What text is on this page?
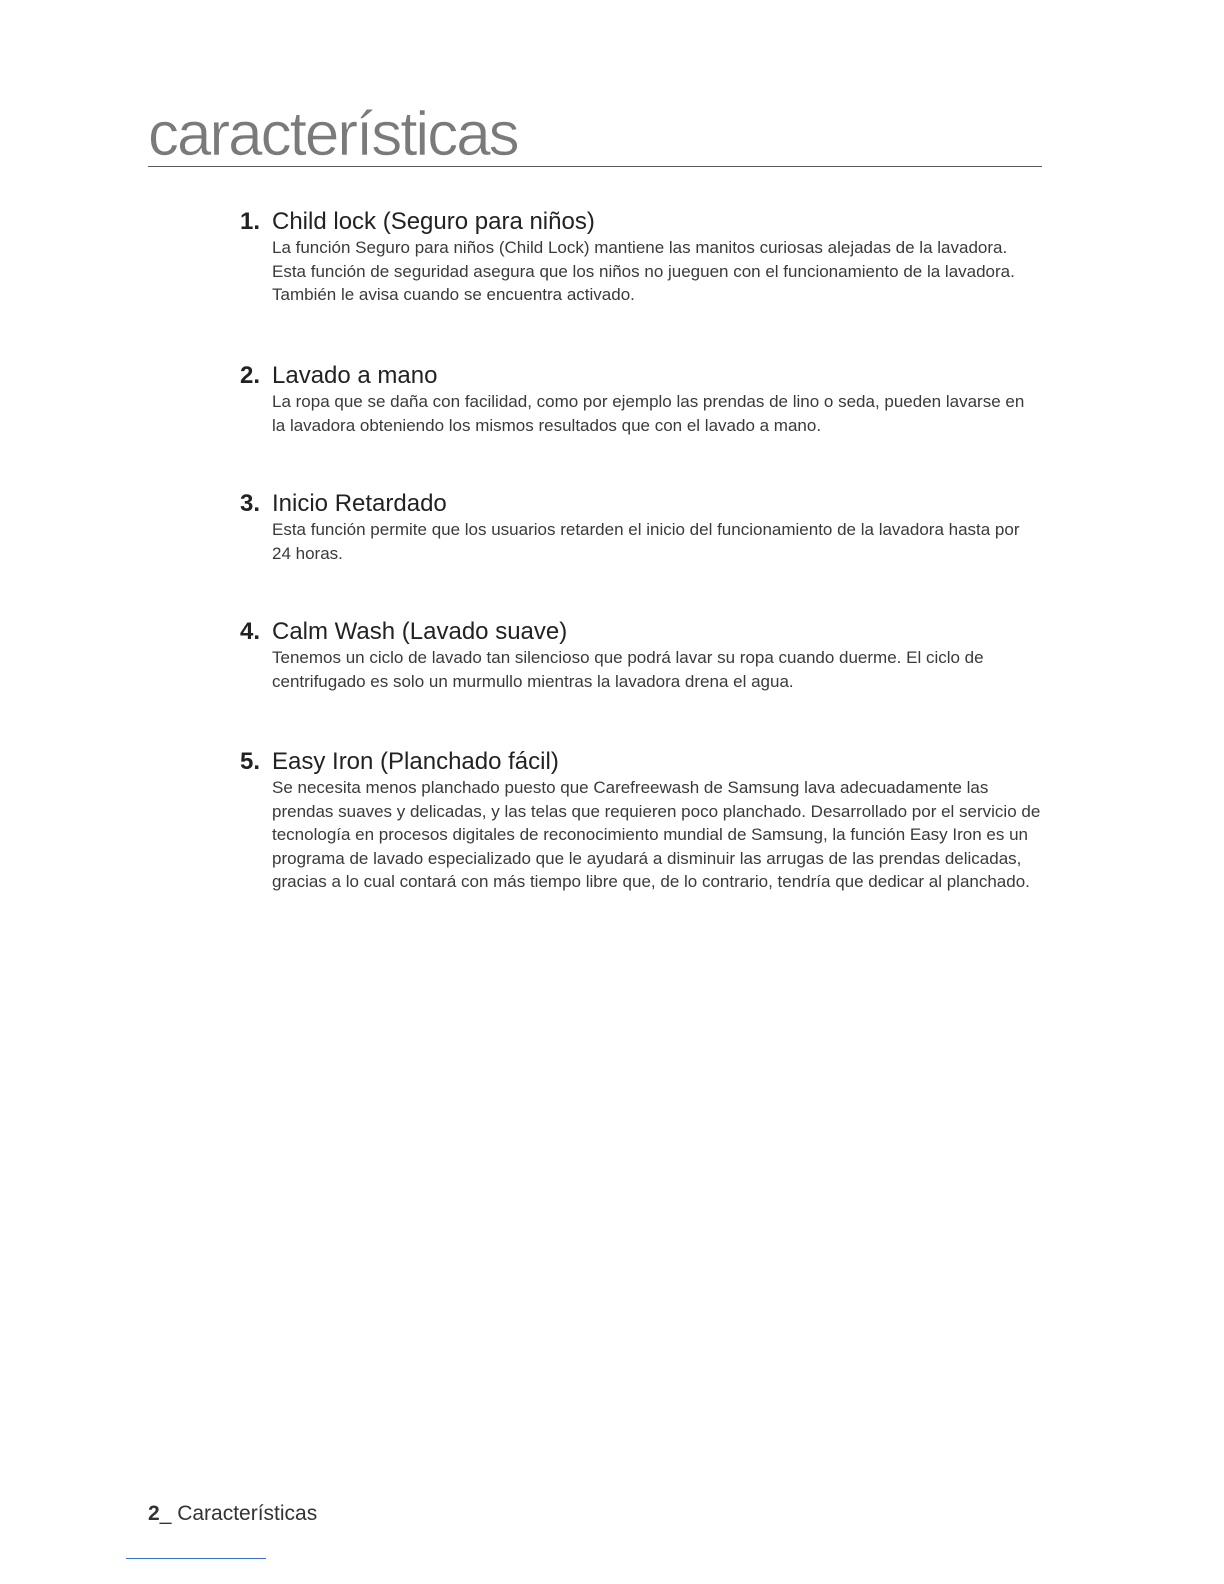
características
1. Child lock (Seguro para niños)

La función Seguro para niños (Child Lock) mantiene las manitos curiosas alejadas de la lavadora. Esta función de seguridad asegura que los niños no jueguen con el funcionamiento de la lavadora. También le avisa cuando se encuentra activado.

2. Lavado a mano

La ropa que se daña con facilidad, como por ejemplo las prendas de lino o seda, pueden lavarse en la lavadora obteniendo los mismos resultados que con el lavado a mano.

3. Inicio Retardado

Esta función permite que los usuarios retarden el inicio del funcionamiento de la lavadora hasta por 24 horas.

4. Calm Wash (Lavado suave)

Tenemos un ciclo de lavado tan silencioso que podrá lavar su ropa cuando duerme. El ciclo de centrifugado es solo un murmullo mientras la lavadora drena el agua.

5. Easy Iron (Planchado fácil)

Se necesita menos planchado puesto que Carefreewash de Samsung lava adecuadamente las prendas suaves y delicadas, y las telas que requieren poco planchado. Desarrollado por el servicio de tecnología en procesos digitales de reconocimiento mundial de Samsung, la función Easy Iron es un programa de lavado especializado que le ayudará a disminuir las arrugas de las prendas delicadas, gracias a lo cual contará con más tiempo libre que, de lo contrario, tendría que dedicar al planchado.

2_ Características
